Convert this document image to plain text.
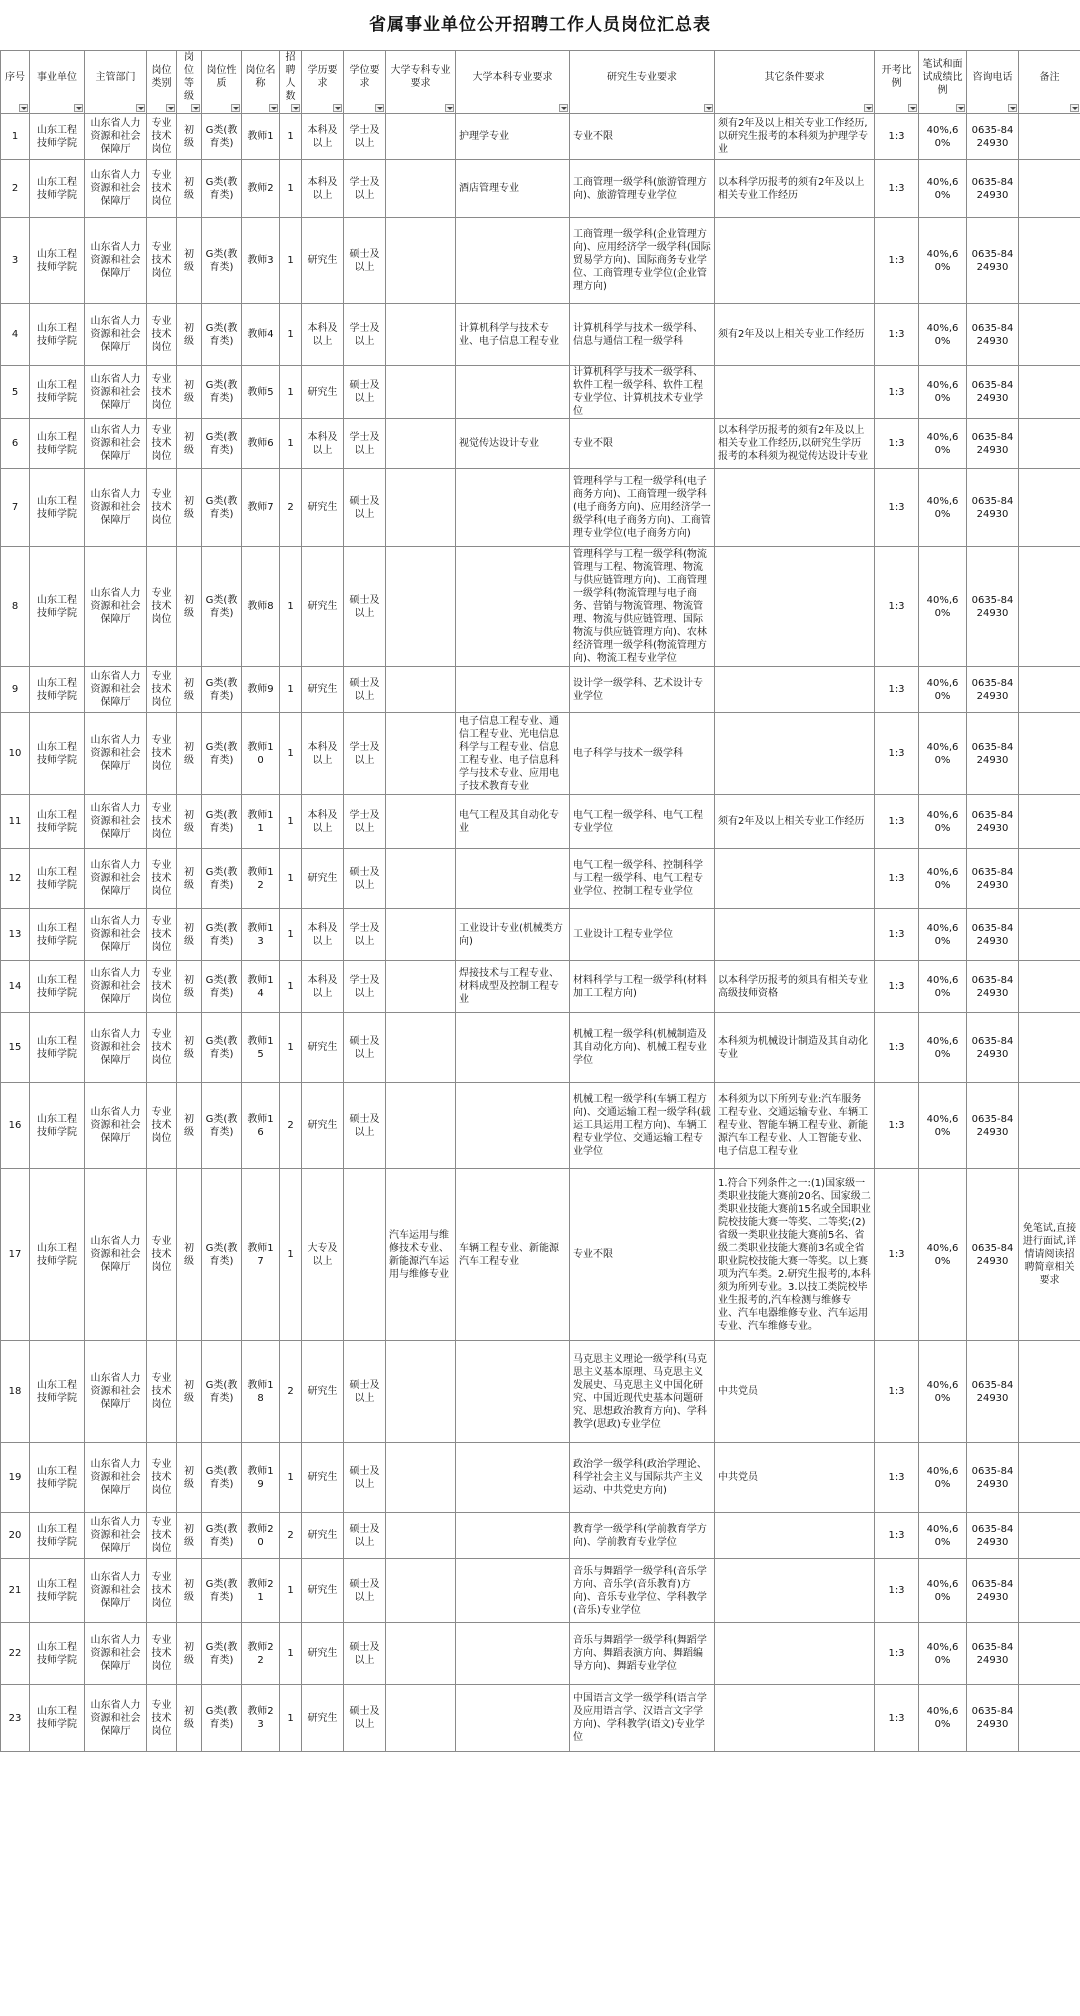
省属事业单位公开招聘工作人员岗位汇总表
序号	事业单位	主管部门	岗位类别	岗位等级	岗位性质	岗位名称	招聘人数	学历要求	学位要求	大学专科专业要求	大学本科专业要求	研究生专业要求	其它条件要求	开考比例	笔试和面试成绩比例	咨询电话	备注

1	山东工程技师学院	山东省人力资源和社会保障厅	专业技术岗位	初级	G类(教育类)	教师1	1	本科及以上	学士及以上		护理学专业	专业不限	须有2年及以上相关专业工作经历,以研究生报考的本科须为护理学专业	1:3	40%,60%	0635-8424930	
2	山东工程技师学院	山东省人力资源和社会保障厅	专业技术岗位	初级	G类(教育类)	教师2	1	本科及以上	学士及以上		酒店管理专业	工商管理一级学科(旅游管理方向)、旅游管理专业学位	以本科学历报考的须有2年及以上相关专业工作经历	1:3	40%,60%	0635-8424930	
3	山东工程技师学院	山东省人力资源和社会保障厅	专业技术岗位	初级	G类(教育类)	教师3	1	研究生	硕士及以上			工商管理一级学科(企业管理方向)、应用经济学一级学科(国际贸易学方向)、国际商务专业学位、工商管理专业学位(企业管理方向)		1:3	40%,60%	0635-8424930	
4	山东工程技师学院	山东省人力资源和社会保障厅	专业技术岗位	初级	G类(教育类)	教师4	1	本科及以上	学士及以上		计算机科学与技术专业、电子信息工程专业	计算机科学与技术一级学科、信息与通信工程一级学科	须有2年及以上相关专业工作经历	1:3	40%,60%	0635-8424930	
5	山东工程技师学院	山东省人力资源和社会保障厅	专业技术岗位	初级	G类(教育类)	教师5	1	研究生	硕士及以上			计算机科学与技术一级学科、软件工程一级学科、软件工程专业学位、计算机技术专业学位		1:3	40%,60%	0635-8424930	
6	山东工程技师学院	山东省人力资源和社会保障厅	专业技术岗位	初级	G类(教育类)	教师6	1	本科及以上	学士及以上		视觉传达设计专业	专业不限	以本科学历报考的须有2年及以上相关专业工作经历,以研究生学历报考的本科须为视觉传达设计专业	1:3	40%,60%	0635-8424930	
7	山东工程技师学院	山东省人力资源和社会保障厅	专业技术岗位	初级	G类(教育类)	教师7	2	研究生	硕士及以上			管理科学与工程一级学科(电子商务方向)、工商管理一级学科(电子商务方向)、应用经济学一级学科(电子商务方向)、工商管理专业学位(电子商务方向)		1:3	40%,60%	0635-8424930	
8	山东工程技师学院	山东省人力资源和社会保障厅	专业技术岗位	初级	G类(教育类)	教师8	1	研究生	硕士及以上			管理科学与工程一级学科(物流管理与工程、物流管理、物流与供应链管理方向)、工商管理一级学科(物流管理与电子商务、营销与物流管理、物流管理、物流与供应链管理、国际物流与供应链管理方向)、农林经济管理一级学科(物流管理方向)、物流工程专业学位		1:3	40%,60%	0635-8424930	
9	山东工程技师学院	山东省人力资源和社会保障厅	专业技术岗位	初级	G类(教育类)	教师9	1	研究生	硕士及以上			设计学一级学科、艺术设计专业学位		1:3	40%,60%	0635-8424930	
10	山东工程技师学院	山东省人力资源和社会保障厅	专业技术岗位	初级	G类(教育类)	教师10	1	本科及以上	学士及以上		电子信息工程专业、通信工程专业、光电信息科学与工程专业、信息工程专业、电子信息科学与技术专业、应用电子技术教育专业	电子科学与技术一级学科		1:3	40%,60%	0635-8424930	
11	山东工程技师学院	山东省人力资源和社会保障厅	专业技术岗位	初级	G类(教育类)	教师11	1	本科及以上	学士及以上		电气工程及其自动化专业	电气工程一级学科、电气工程专业学位	须有2年及以上相关专业工作经历	1:3	40%,60%	0635-8424930	
12	山东工程技师学院	山东省人力资源和社会保障厅	专业技术岗位	初级	G类(教育类)	教师12	1	研究生	硕士及以上			电气工程一级学科、控制科学与工程一级学科、电气工程专业学位、控制工程专业学位		1:3	40%,60%	0635-8424930	
13	山东工程技师学院	山东省人力资源和社会保障厅	专业技术岗位	初级	G类(教育类)	教师13	1	本科及以上	学士及以上		工业设计专业(机械类方向)	工业设计工程专业学位		1:3	40%,60%	0635-8424930	
14	山东工程技师学院	山东省人力资源和社会保障厅	专业技术岗位	初级	G类(教育类)	教师14	1	本科及以上	学士及以上		焊接技术与工程专业、材料成型及控制工程专业	材料科学与工程一级学科(材料加工工程方向)	以本科学历报考的须具有相关专业高级技师资格	1:3	40%,60%	0635-8424930	
15	山东工程技师学院	山东省人力资源和社会保障厅	专业技术岗位	初级	G类(教育类)	教师15	1	研究生	硕士及以上			机械工程一级学科(机械制造及其自动化方向)、机械工程专业学位	本科须为机械设计制造及其自动化专业	1:3	40%,60%	0635-8424930	
16	山东工程技师学院	山东省人力资源和社会保障厅	专业技术岗位	初级	G类(教育类)	教师16	2	研究生	硕士及以上			机械工程一级学科(车辆工程方向)、交通运输工程一级学科(载运工具运用工程方向)、车辆工程专业学位、交通运输工程专业学位	本科须为以下所列专业:汽车服务工程专业、交通运输专业、车辆工程专业、智能车辆工程专业、新能源汽车工程专业、人工智能专业、电子信息工程专业	1:3	40%,60%	0635-8424930	
17	山东工程技师学院	山东省人力资源和社会保障厅	专业技术岗位	初级	G类(教育类)	教师17	1	大专及以上		汽车运用与维修技术专业、新能源汽车运用与维修专业	车辆工程专业、新能源汽车工程专业	专业不限	1.符合下列条件之一:(1)国家级一类职业技能大赛前20名、国家级二类职业技能大赛前15名或全国职业院校技能大赛一等奖、二等奖;(2)省级一类职业技能大赛前5名、省级二类职业技能大赛前3名或全省职业院校技能大赛一等奖。以上赛项为汽车类。2.研究生报考的,本科须为所列专业。3.以技工类院校毕业生报考的,汽车检测与维修专业、汽车电器维修专业、汽车运用专业、汽车维修专业。	1:3	40%,60%	0635-8424930	免笔试,直接进行面试,详情请阅读招聘简章相关要求
18	山东工程技师学院	山东省人力资源和社会保障厅	专业技术岗位	初级	G类(教育类)	教师18	2	研究生	硕士及以上			马克思主义理论一级学科(马克思主义基本原理、马克思主义发展史、马克思主义中国化研究、中国近现代史基本问题研究、思想政治教育方向)、学科教学(思政)专业学位	中共党员	1:3	40%,60%	0635-8424930	
19	山东工程技师学院	山东省人力资源和社会保障厅	专业技术岗位	初级	G类(教育类)	教师19	1	研究生	硕士及以上			政治学一级学科(政治学理论、科学社会主义与国际共产主义运动、中共党史方向)	中共党员	1:3	40%,60%	0635-8424930	
20	山东工程技师学院	山东省人力资源和社会保障厅	专业技术岗位	初级	G类(教育类)	教师20	2	研究生	硕士及以上			教育学一级学科(学前教育学方向)、学前教育专业学位		1:3	40%,60%	0635-8424930	
21	山东工程技师学院	山东省人力资源和社会保障厅	专业技术岗位	初级	G类(教育类)	教师21	1	研究生	硕士及以上			音乐与舞蹈学一级学科(音乐学方向、音乐学(音乐教育)方向)、音乐专业学位、学科教学(音乐)专业学位		1:3	40%,60%	0635-8424930	
22	山东工程技师学院	山东省人力资源和社会保障厅	专业技术岗位	初级	G类(教育类)	教师22	1	研究生	硕士及以上			音乐与舞蹈学一级学科(舞蹈学方向、舞蹈表演方向、舞蹈编导方向)、舞蹈专业学位		1:3	40%,60%	0635-8424930	
23	山东工程技师学院	山东省人力资源和社会保障厅	专业技术岗位	初级	G类(教育类)	教师23	1	研究生	硕士及以上			中国语言文学一级学科(语言学及应用语言学、汉语言文字学方向)、学科教学(语文)专业学位		1:3	40%,60%	0635-8424930	
